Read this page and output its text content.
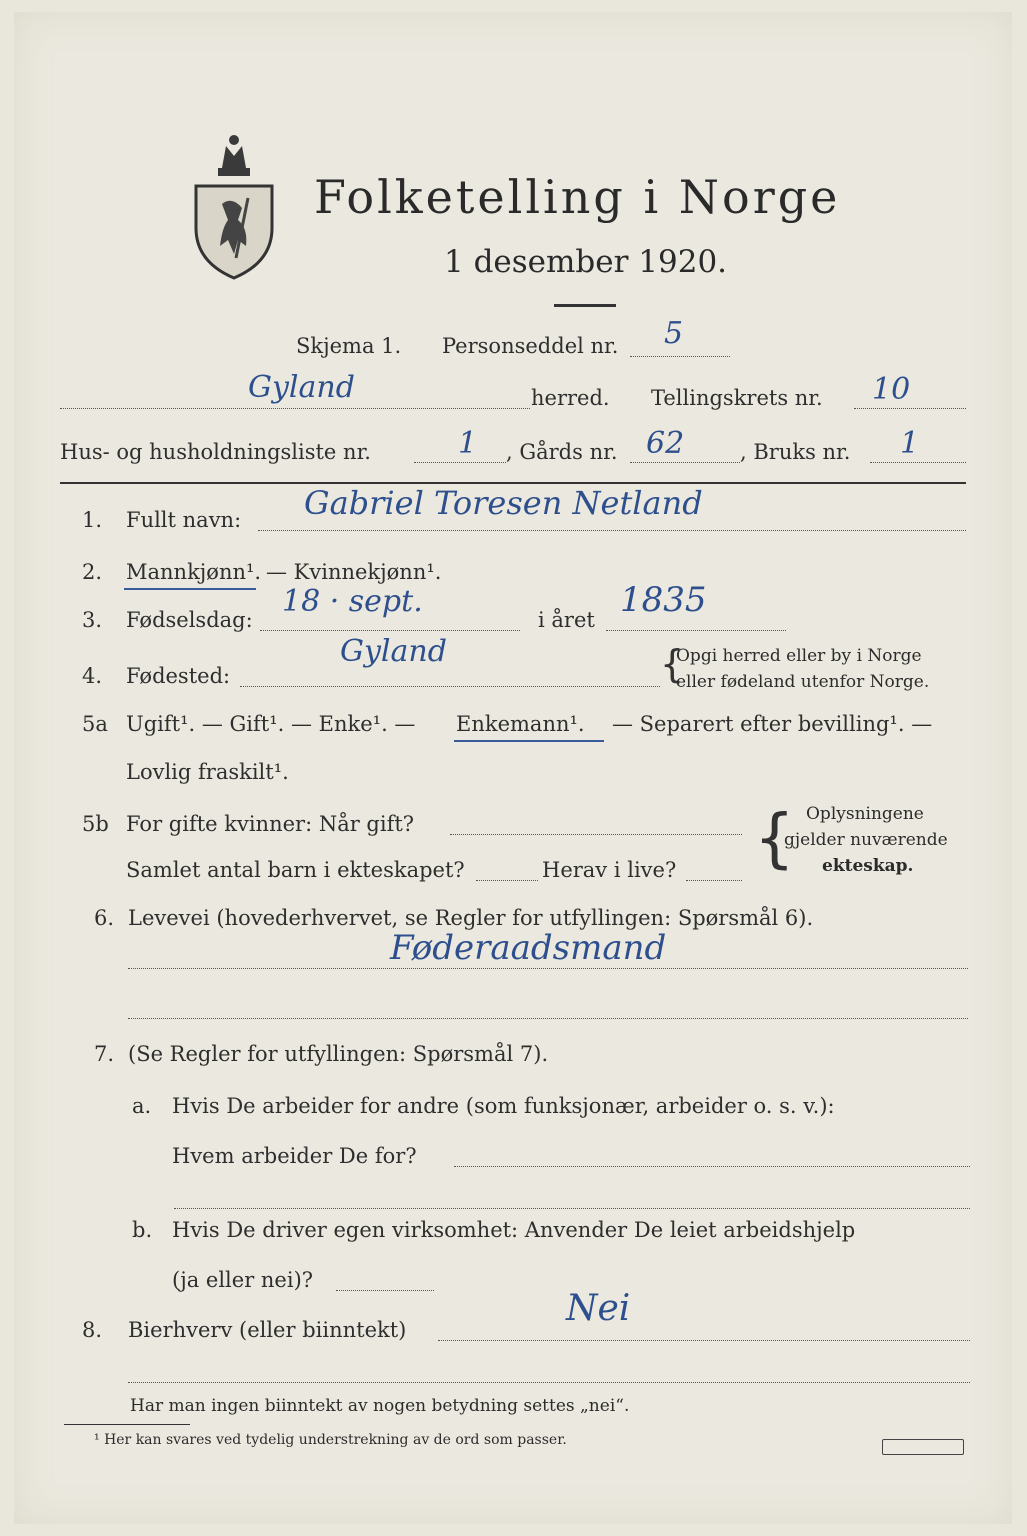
Folketelling i Norge
1 desember 1920.
Skjema 1. Personseddel nr. 5
Gyland	herred. Tellingskrets nr. 10
Hus- og husholdningsliste nr.	1 , Gårds nr. 62	, Bruks nr. 1
1. Fullt navn: Gabriel Toresen Netland
2. Mannkjønn¹. — Kvinnekjønn¹.
3. Fødselsdag:
18 · sept.
i året 1835
4. Fødested:
Gyland	{
Opgi herred eller by i Norge
eller fødeland utenfor Norge.
5a Ugift¹. — Gift¹. — Enke¹. — Enkemann¹. — Separert efter bevilling¹. —
Lovlig fraskilt¹.
5b For gifte kvinner: Når gift?
Samlet antal barn i ekteskapet?	Herav i live? { Oplysningene
gjelder nuværende
ekteskap.
6. Levevei (hovederhvervet, se Regler for utfyllingen: Spørsmål 6).
Føderaadsmand
7. (Se Regler for utfyllingen: Spørsmål 7).
a. Hvis De arbeider for andre (som funksjonær, arbeider o. s. v.):
Hvem arbeider De for?
b. Hvis De driver egen virksomhet: Anvender De leiet arbeidshjelp
(ja eller nei)?
8. Bierhverv (eller biinntekt)
Nei
Har man ingen biinntekt av nogen betydning settes „nei“.
¹ Her kan svares ved tydelig understrekning av de ord som passer.
